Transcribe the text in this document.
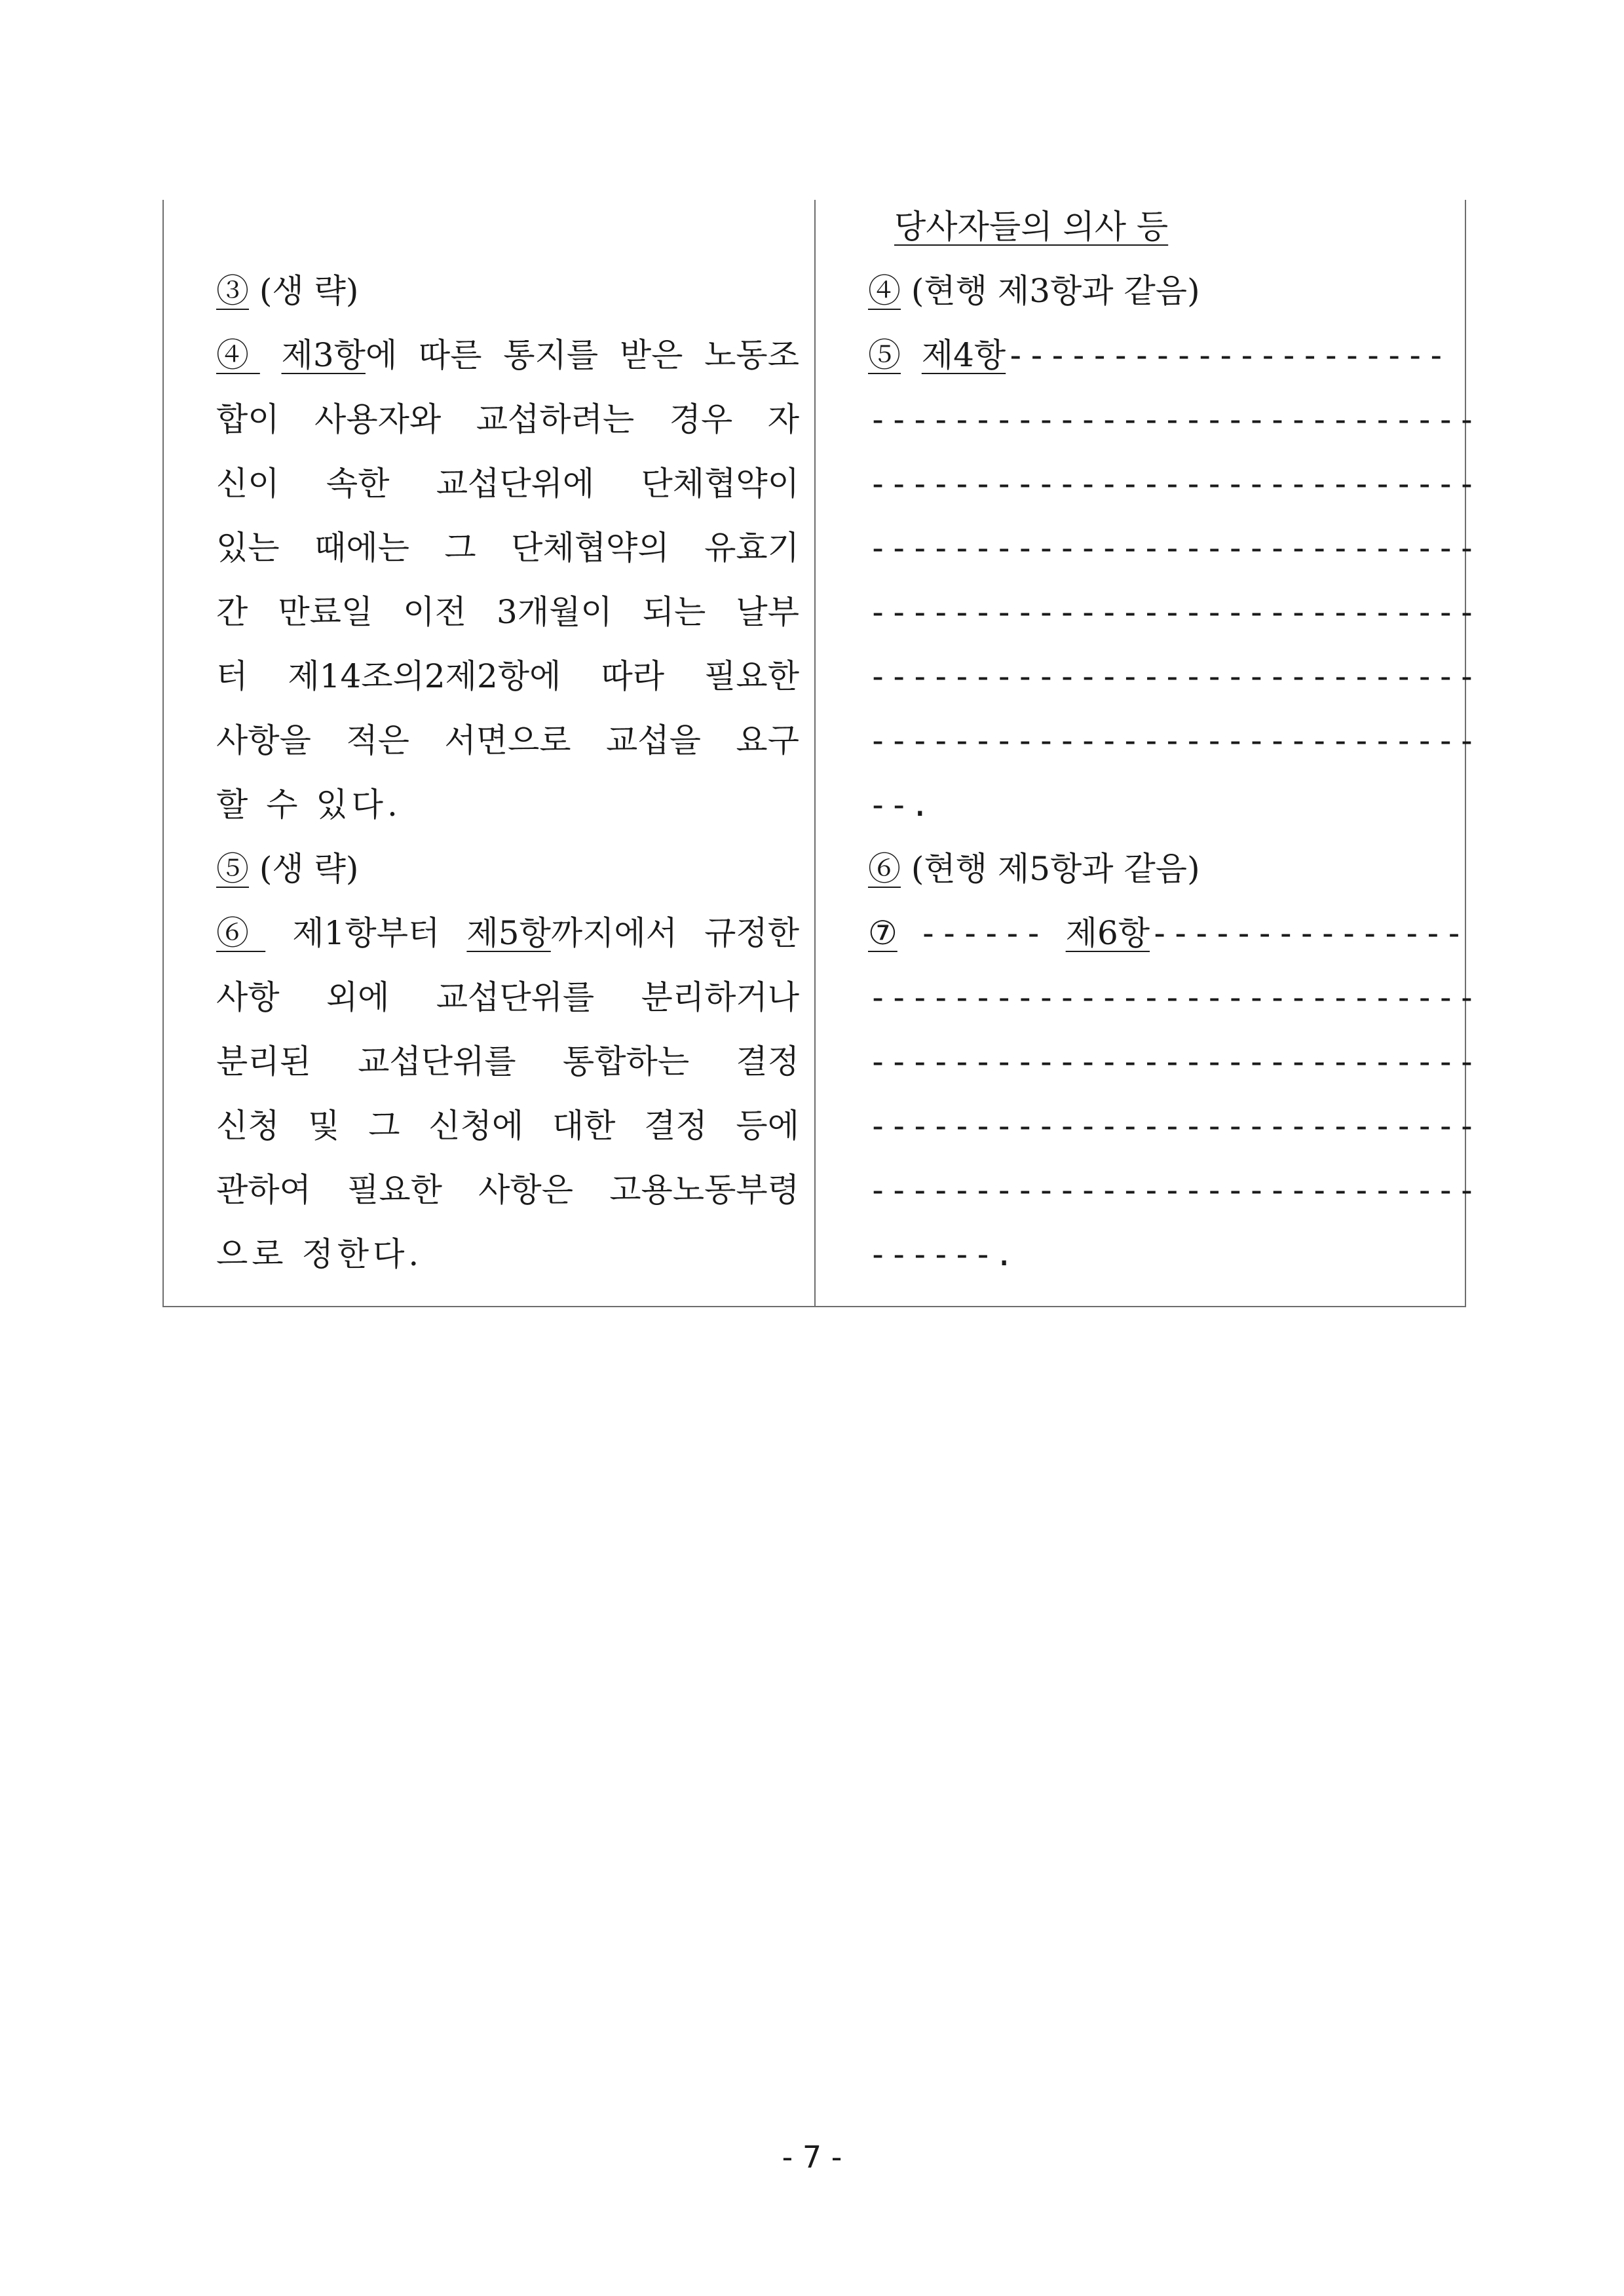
③ (생 략)
④ 제3항에 따른 통지를 받은 노동조
합이 사용자와 교섭하려는 경우 자
신이 속한 교섭단위에 단체협약이
있는 때에는 그 단체협약의 유효기
간 만료일 이전 3개월이 되는 날부
터 제14조의2제2항에 따라 필요한
사항을 적은 서면으로 교섭을 요구
할 수 있다.
⑤ (생 략)
⑥ 제1항부터 제5항까지에서 규정한
사항 외에 교섭단위를 분리하거나
분리된 교섭단위를 통합하는 결정
신청 및 그 신청에 대한 결정 등에
관하여 필요한 사항은 고용노동부령
으로 정한다.
당사자들의 의사 등
④ (현행 제3항과 같음)
⑤ 제4항---------------------
-----------------------------
-----------------------------
-----------------------------
-----------------------------
-----------------------------
-----------------------------
--.
⑥ (현행 제5항과 같음)
⑦ ------ 제6항---------------
-----------------------------
-----------------------------
-----------------------------
-----------------------------
------.
- 7 -
